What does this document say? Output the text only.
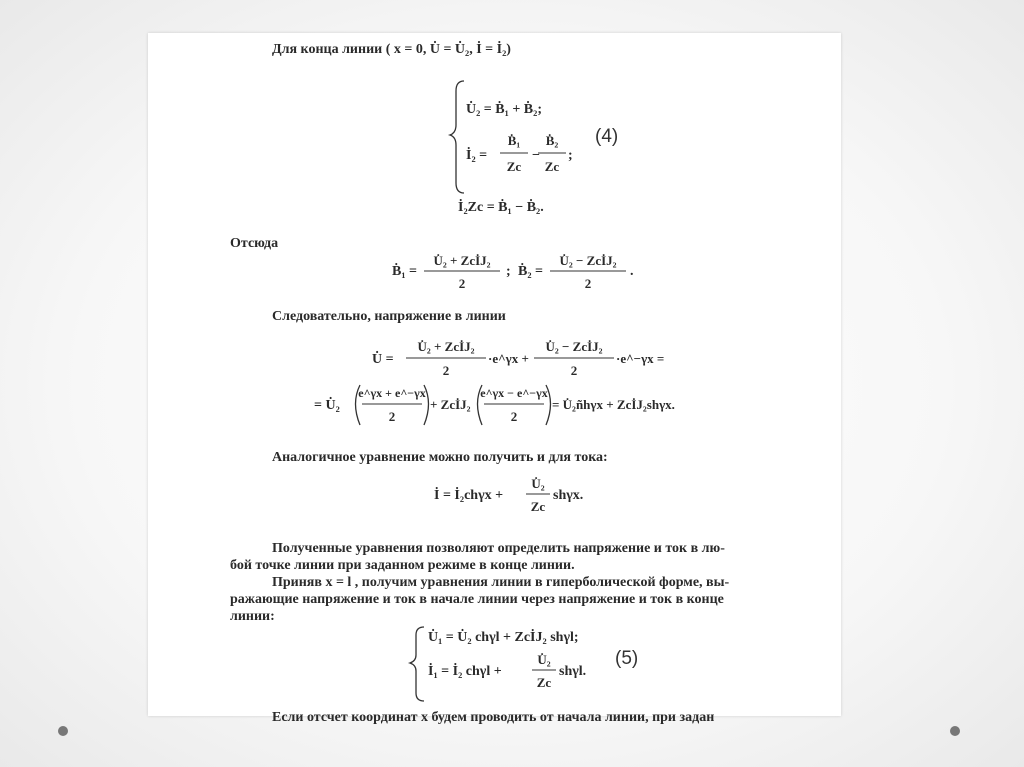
Для конца линии ( x = 0, U̇ = U̇₂, İ = İ₂)
U̇₂ = Ḃ₁ + Ḃ₂;
İ₂ =
Ḃ₁
Zc
−
Ḃ₂
Zc
;
(4)
İ₂Zc = Ḃ₁ − Ḃ₂.
Отсюда
Ḃ₁ =
U̇₂ + ZcİJ₂
2
; Ḃ₂ =
U̇₂ − ZcİJ₂
2
.
Следовательно, напряжение в линии
U̇ =
U̇₂ + ZcİJ₂
2
·e^γx +
U̇₂ − ZcİJ₂
2
·e^−γx =
= U̇₂
e^γx + e^−γx
2
+ ZcİJ₂
e^γx − e^−γx
2
= U̇₂ñhγx + ZcİJ₂shγx.
Аналогичное уравнение можно получить и для тока:
İ = İ₂chγx +
U̇₂
Zc
shγx.
Полученные уравнения позволяют определить напряжение и ток в лю-
бой точке линии при заданном режиме в конце линии.
Приняв x = l , получим уравнения линии в гиперболической форме, вы-
ражающие напряжение и ток в начале линии через напряжение и ток в конце
линии:
U̇₁ = U̇₂ chγl + ZcİJ₂ shγl;
İ₁ = İ₂ chγl +
U̇₂
Zc
shγl.
(5)
Если отсчет координат x будем проводить от начала линии, при задан
